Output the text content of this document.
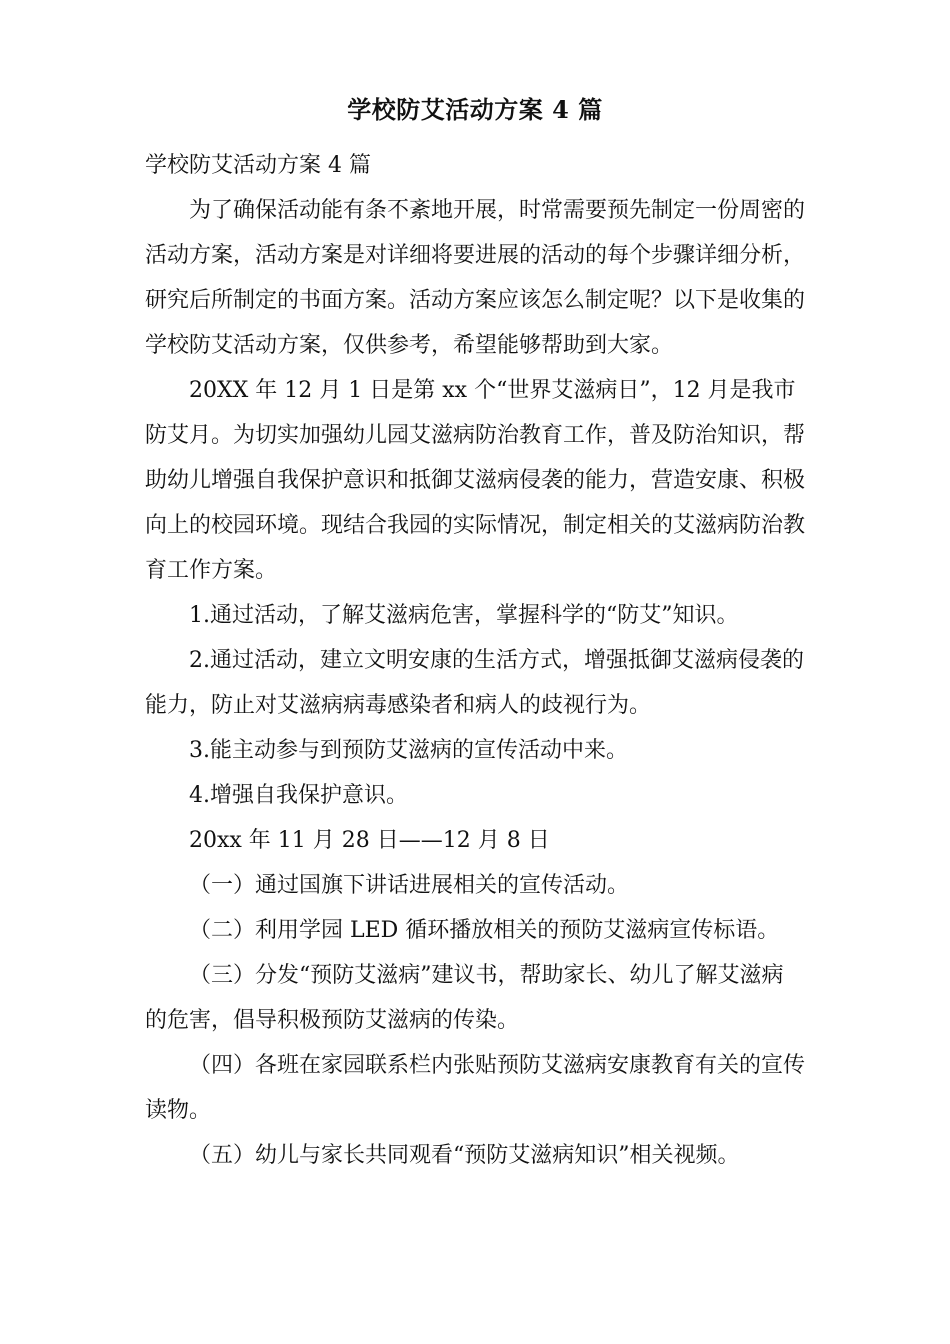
学校防艾活动方案 4 篇

学校防艾活动方案 4 篇

为了确保活动能有条不紊地开展，时常需要预先制定一份周密的活动方案，活动方案是对详细将要进展的活动的每个步骤详细分析，研究后所制定的书面方案。活动方案应该怎么制定呢？以下是收集的学校防艾活动方案，仅供参考，希望能够帮助到大家。

20XX 年 12 月 1 日是第 xx 个“世界艾滋病日”，12 月是我市防艾月。为切实加强幼儿园艾滋病防治教育工作，普及防治知识，帮助幼儿增强自我保护意识和抵御艾滋病侵袭的能力，营造安康、积极向上的校园环境。现结合我园的实际情况，制定相关的艾滋病防治教育工作方案。

1.通过活动，了解艾滋病危害，掌握科学的“防艾”知识。

2.通过活动，建立文明安康的生活方式，增强抵御艾滋病侵袭的能力，防止对艾滋病病毒感染者和病人的歧视行为。

3.能主动参与到预防艾滋病的宣传活动中来。

4.增强自我保护意识。

20xx 年 11 月 28 日——12 月 8 日

（一）通过国旗下讲话进展相关的宣传活动。

（二）利用学园 LED 循环播放相关的预防艾滋病宣传标语。

（三）分发“预防艾滋病”建议书，帮助家长、幼儿了解艾滋病的危害，倡导积极预防艾滋病的传染。

（四）各班在家园联系栏内张贴预防艾滋病安康教育有关的宣传读物。

（五）幼儿与家长共同观看“预防艾滋病知识”相关视频。
